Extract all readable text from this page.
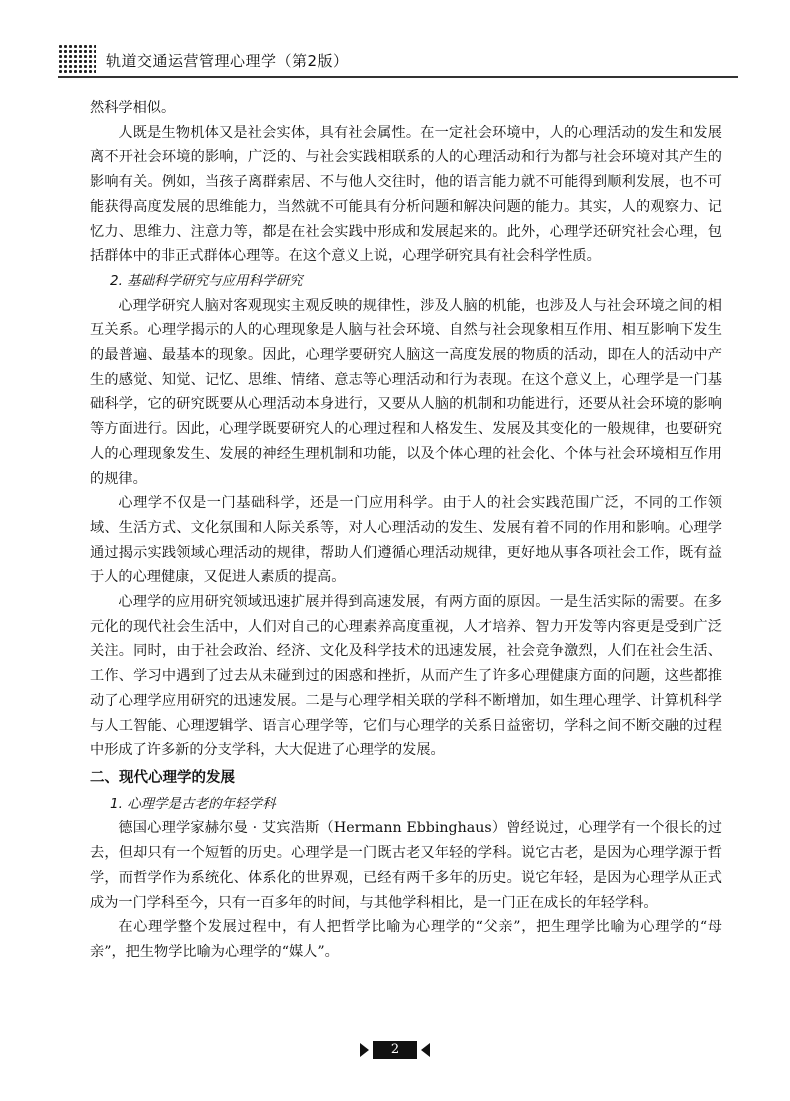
轨道交通运营管理心理学（第2版）

然科学相似。

人既是生物机体又是社会实体，具有社会属性。在一定社会环境中，人的心理活动的发生和发展离不开社会环境的影响，广泛的、与社会实践相联系的人的心理活动和行为都与社会环境对其产生的影响有关。例如，当孩子离群索居、不与他人交往时，他的语言能力就不可能得到顺利发展，也不可能获得高度发展的思维能力，当然就不可能具有分析问题和解决问题的能力。其实，人的观察力、记忆力、思维力、注意力等，都是在社会实践中形成和发展起来的。此外，心理学还研究社会心理，包括群体中的非正式群体心理等。在这个意义上说，心理学研究具有社会科学性质。

2. 基础科学研究与应用科学研究

心理学研究人脑对客观现实主观反映的规律性，涉及人脑的机能，也涉及人与社会环境之间的相互关系。心理学揭示的人的心理现象是人脑与社会环境、自然与社会现象相互作用、相互影响下发生的最普遍、最基本的现象。因此，心理学要研究人脑这一高度发展的物质的活动，即在人的活动中产生的感觉、知觉、记忆、思维、情绪、意志等心理活动和行为表现。在这个意义上，心理学是一门基础科学，它的研究既要从心理活动本身进行，又要从人脑的机制和功能进行，还要从社会环境的影响等方面进行。因此，心理学既要研究人的心理过程和人格发生、发展及其变化的一般规律，也要研究人的心理现象发生、发展的神经生理机制和功能，以及个体心理的社会化、个体与社会环境相互作用的规律。

心理学不仅是一门基础科学，还是一门应用科学。由于人的社会实践范围广泛，不同的工作领域、生活方式、文化氛围和人际关系等，对人心理活动的发生、发展有着不同的作用和影响。心理学通过揭示实践领域心理活动的规律，帮助人们遵循心理活动规律，更好地从事各项社会工作，既有益于人的心理健康，又促进人素质的提高。

心理学的应用研究领域迅速扩展并得到高速发展，有两方面的原因。一是生活实际的需要。在多元化的现代社会生活中，人们对自己的心理素养高度重视，人才培养、智力开发等内容更是受到广泛关注。同时，由于社会政治、经济、文化及科学技术的迅速发展，社会竞争激烈，人们在社会生活、工作、学习中遇到了过去从未碰到过的困惑和挫折，从而产生了许多心理健康方面的问题，这些都推动了心理学应用研究的迅速发展。二是与心理学相关联的学科不断增加，如生理心理学、计算机科学与人工智能、心理逻辑学、语言心理学等，它们与心理学的关系日益密切，学科之间不断交融的过程中形成了许多新的分支学科，大大促进了心理学的发展。

二、现代心理学的发展

1. 心理学是古老的年轻学科

德国心理学家赫尔曼 · 艾宾浩斯（Hermann Ebbinghaus）曾经说过，心理学有一个很长的过去，但却只有一个短暂的历史。心理学是一门既古老又年轻的学科。说它古老，是因为心理学源于哲学，而哲学作为系统化、体系化的世界观，已经有两千多年的历史。说它年轻，是因为心理学从正式成为一门学科至今，只有一百多年的时间，与其他学科相比，是一门正在成长的年轻学科。

在心理学整个发展过程中，有人把哲学比喻为心理学的“父亲”，把生理学比喻为心理学的“母亲”，把生物学比喻为心理学的“媒人”。

2
